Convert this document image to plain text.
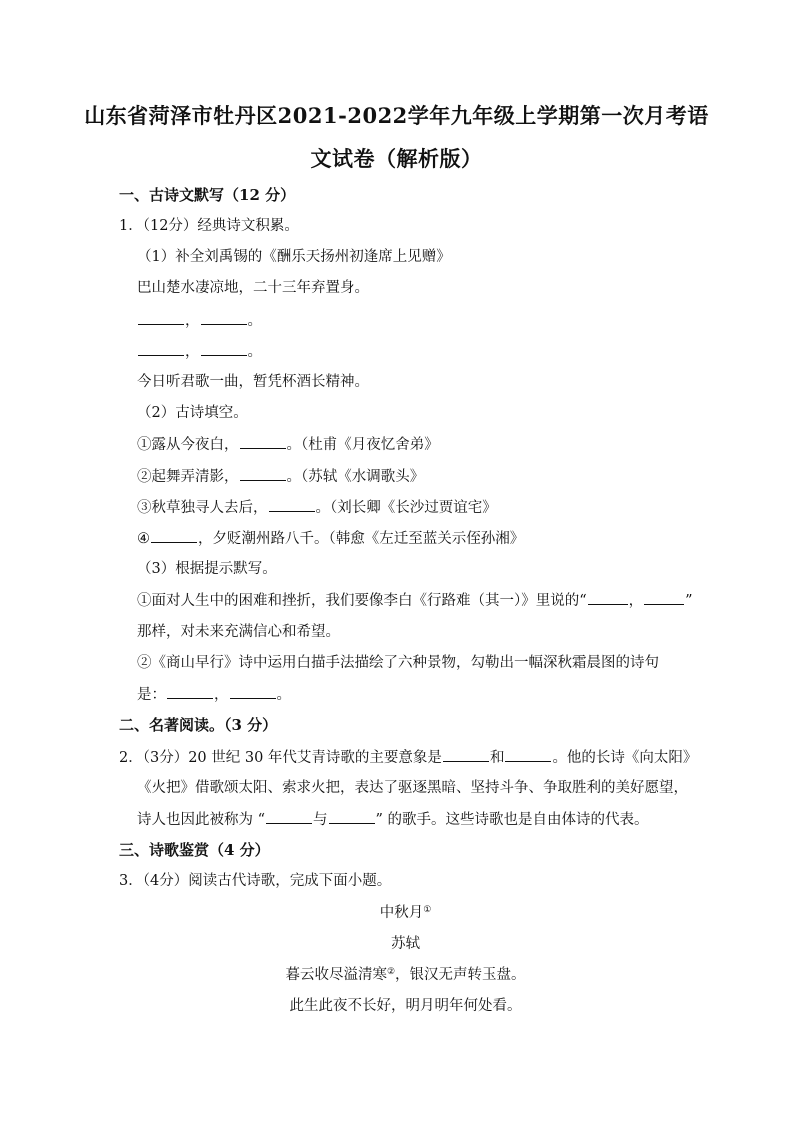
山东省菏泽市牡丹区2021-2022学年九年级上学期第一次月考语
文试卷（解析版）
一、古诗文默写（12 分）
1．（12分）经典诗文积累。
（1）补全刘禹锡的《酬乐天扬州初逢席上见赠》
巴山楚水凄凉地，二十三年弃置身。
，	。
，	。
今日听君歌一曲，暂凭杯酒长精神。
（2）古诗填空。
①露从今夜白，	。（杜甫《月夜忆舍弟》
②起舞弄清影，	。（苏轼《水调歌头》
③秋草独寻人去后，	。（刘长卿《长沙过贾谊宅》
④	，夕贬潮州路八千。（韩愈《左迁至蓝关示侄孙湘》
（3）根据提示默写。
①面对人生中的困难和挫折，我们要像李白《行路难（其一）》里说的“	，	”
那样，对未来充满信心和希望。
②《商山早行》诗中运用白描手法描绘了六种景物，勾勒出一幅深秋霜晨图的诗句
是：	，	。
二、名著阅读。（3 分）
2．（3分）20 世纪 30 年代艾青诗歌的主要意象是	和	。他的长诗《向太阳》
《火把》借歌颂太阳、索求火把，表达了驱逐黑暗、坚持斗争、争取胜利的美好愿望，
诗人也因此被称为 “	与	” 的歌手。这些诗歌也是自由体诗的代表。
三、诗歌鉴赏（4 分）
3．（4分）阅读古代诗歌，完成下面小题。
中秋月①
苏轼
暮云收尽溢清寒②，银汉无声转玉盘。
此生此夜不长好，明月明年何处看。
